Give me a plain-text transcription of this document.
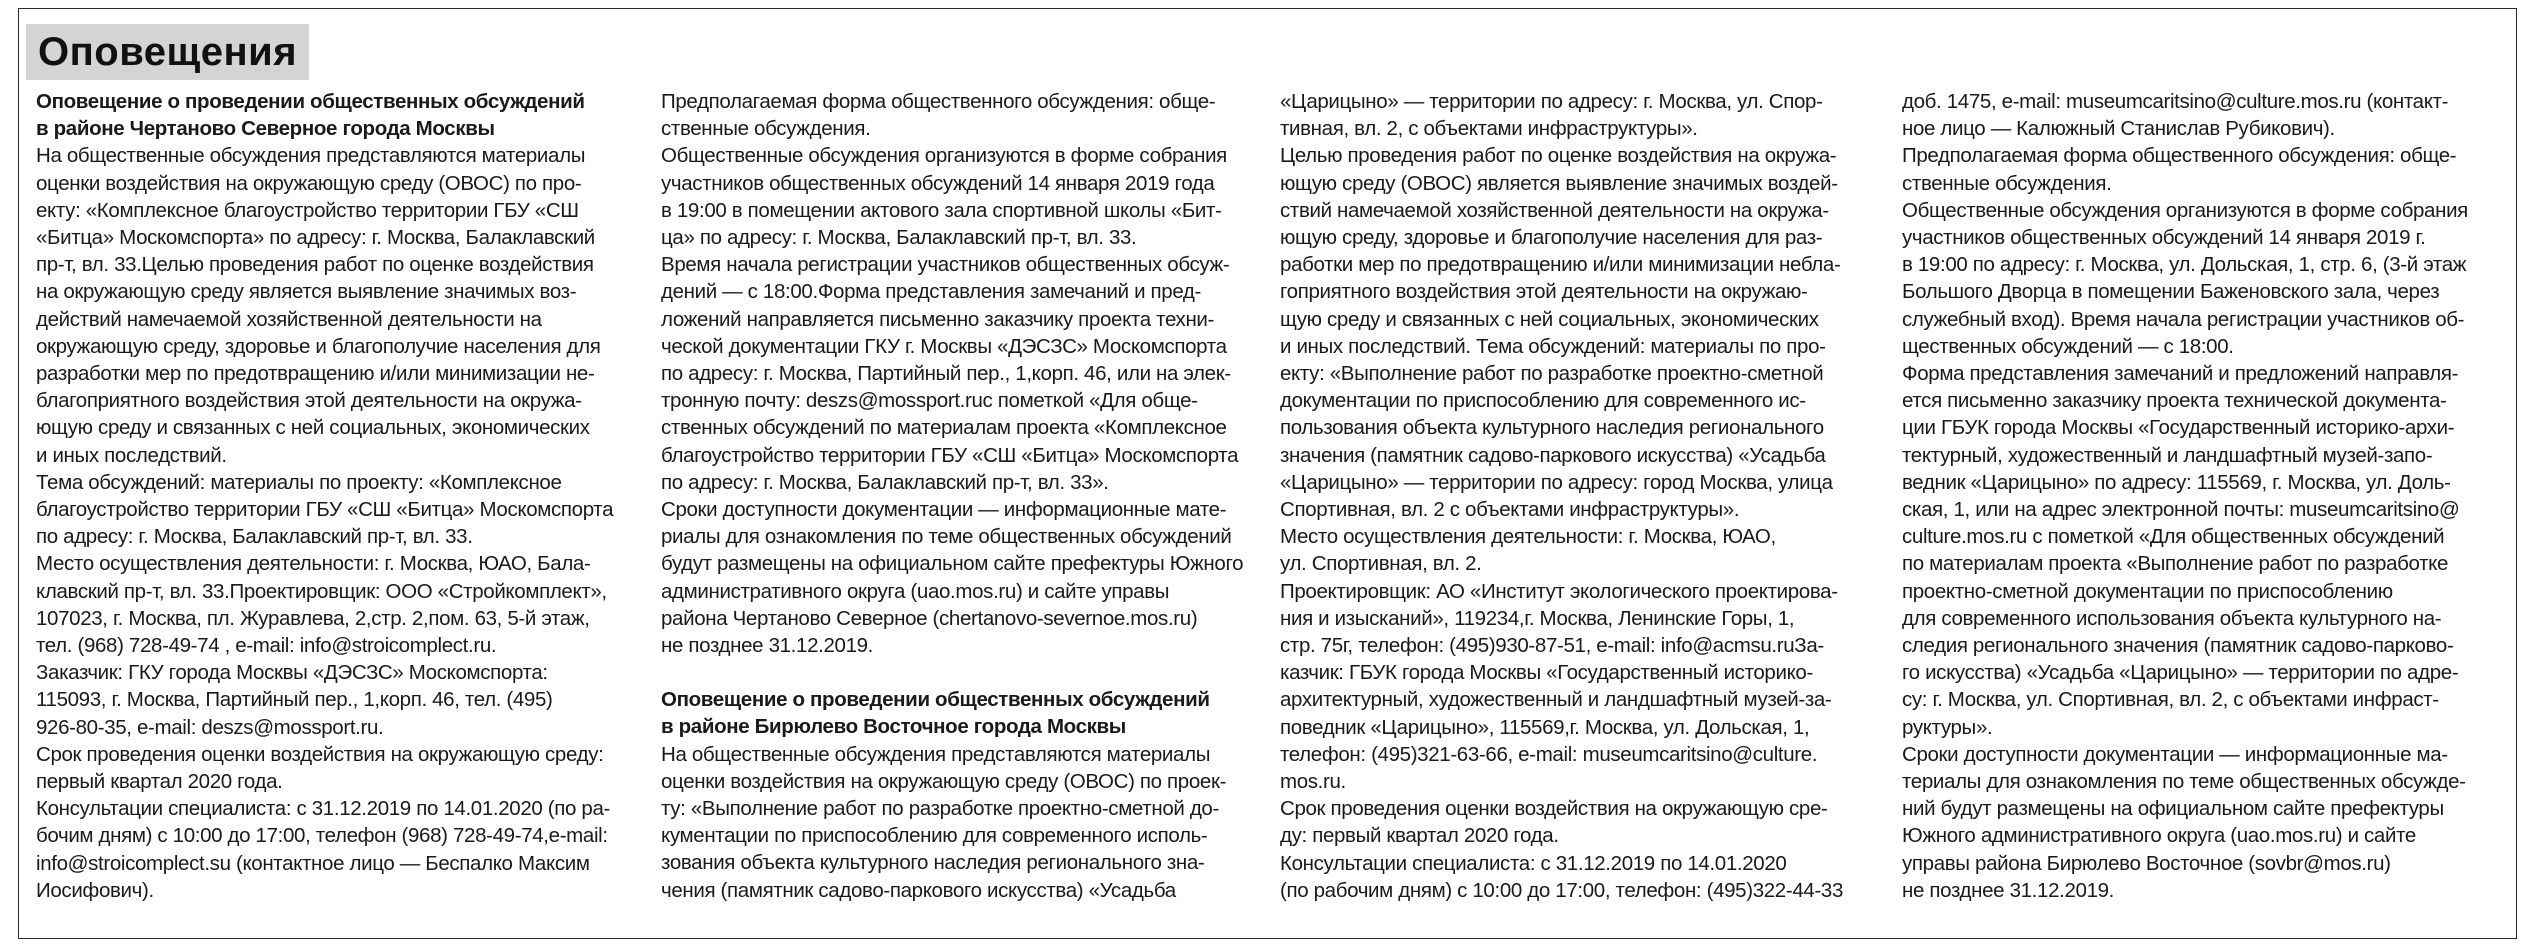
Оповещения
Оповещение о проведении общественных обсуждений
в районе Чертаново Северное города Москвы

На общественные обсуждения представляются материалы
оценки воздействия на окружающую среду (ОВОС) по про-
екту: «Комплексное благоустройство территории ГБУ «СШ
«Битца» Москомспорта» по адресу: г. Москва, Балаклавский
пр-т, вл. 33.Целью проведения работ по оценке воздействия
на окружающую среду является выявление значимых воз-
действий намечаемой хозяйственной деятельности на
окружающую среду, здоровье и благополучие населения для
разработки мер по предотвращению и/или минимизации не-
благоприятного воздействия этой деятельности на окружа-
ющую среду и связанных с ней социальных, экономических
и иных последствий.

Тема обсуждений: материалы по проекту: «Комплексное
благоустройство территории ГБУ «СШ «Битца» Москомспорта
по адресу: г. Москва, Балаклавский пр-т, вл. 33.

Место осуществления деятельности: г. Москва, ЮАО, Бала-
клавский пр-т, вл. 33.Проектировщик: ООО «Стройкомплект»,
107023, г. Москва, пл. Журавлева, 2,стр. 2,пом. 63, 5-й этаж,
тел. (968) 728-49-74 , e-mail: info@stroicomplect.ru.

Заказчик: ГКУ города Москвы «ДЭСЗС» Москомспорта:
115093, г. Москва, Партийный пер., 1,корп. 46, тел. (495)
926-80-35, e-mail: deszs@mossport.ru.

Срок проведения оценки воздействия на окружающую среду:
первый квартал 2020 года.

Консультации специалиста: с 31.12.2019 по 14.01.2020 (по ра-
бочим дням) с 10:00 до 17:00, телефон (968) 728-49-74,e-mail:
info@stroicomplect.su (контактное лицо — Беспалко Максим
Иосифович).

Предполагаемая форма общественного обсуждения: обще-
ственные обсуждения.

Общественные обсуждения организуются в форме собрания
участников общественных обсуждений 14 января 2019 года
в 19:00 в помещении актового зала спортивной школы «Бит-
ца» по адресу: г. Москва, Балаклавский пр-т, вл. 33.

Время начала регистрации участников общественных обсуж-
дений — с 18:00.Форма представления замечаний и пред-
ложений направляется письменно заказчику проекта техни-
ческой документации ГКУ г. Москвы «ДЭСЗС» Москомспорта
по адресу: г. Москва, Партийный пер., 1,корп. 46, или на элек-
тронную почту: deszs@mossport.ruc пометкой «Для обще-
ственных обсуждений по материалам проекта «Комплексное
благоустройство территории ГБУ «СШ «Битца» Москомспорта
по адресу: г. Москва, Балаклавский пр-т, вл. 33».

Сроки доступности документации — информационные мате-
риалы для ознакомления по теме общественных обсуждений
будут размещены на официальном сайте префектуры Южного
административного округа (uao.mos.ru) и сайте управы
района Чертаново Северное (chertanovo-severnoe.mos.ru)
не позднее 31.12.2019.

Оповещение о проведении общественных обсуждений
в районе Бирюлево Восточное города Москвы

На общественные обсуждения представляются материалы
оценки воздействия на окружающую среду (ОВОС) по проек-
ту: «Выполнение работ по разработке проектно-сметной до-
кументации по приспособлению для современного исполь-
зования объекта культурного наследия регионального зна-
чения (памятник садово-паркового искусства) «Усадьба

«Царицыно» — территории по адресу: г. Москва, ул. Спор-
тивная, вл. 2, с объектами инфраструктуры».

Целью проведения работ по оценке воздействия на окружа-
ющую среду (ОВОС) является выявление значимых воздей-
ствий намечаемой хозяйственной деятельности на окружа-
ющую среду, здоровье и благополучие населения для раз-
работки мер по предотвращению и/или минимизации небла-
гоприятного воздействия этой деятельности на окружаю-
щую среду и связанных с ней социальных, экономических
и иных последствий. Тема обсуждений: материалы по про-
екту: «Выполнение работ по разработке проектно-сметной
документации по приспособлению для современного ис-
пользования объекта культурного наследия регионального
значения (памятник садово-паркового искусства) «Усадьба
«Царицыно» — территории по адресу: город Москва, улица
Спортивная, вл. 2 с объектами инфраструктуры».

Место осуществления деятельности: г. Москва, ЮАО,
ул. Спортивная, вл. 2.

Проектировщик: АО «Институт экологического проектирова-
ния и изысканий», 119234,г. Москва, Ленинские Горы, 1,
стр. 75г, телефон: (495)930-87-51, e-mail: info@acmsu.ruЗа-
казчик: ГБУК города Москвы «Государственный историко-
архитектурный, художественный и ландшафтный музей-за-
поведник «Царицыно», 115569,г. Москва, ул. Дольская, 1,
телефон: (495)321-63-66, e-mail: museumcaritsino@culture.
mos.ru.

Срок проведения оценки воздействия на окружающую сре-
ду: первый квартал 2020 года.

Консультации специалиста: с 31.12.2019 по 14.01.2020
(по рабочим дням) с 10:00 до 17:00, телефон: (495)322-44-33

доб. 1475, e-mail: museumcaritsino@culture.mos.ru (контакт-
ное лицо — Калюжный Станислав Рубикович).

Предполагаемая форма общественного обсуждения: обще-
ственные обсуждения.

Общественные обсуждения организуются в форме собрания
участников общественных обсуждений 14 января 2019 г.
в 19:00 по адресу: г. Москва, ул. Дольская, 1, стр. 6, (3-й этаж
Большого Дворца в помещении Баженовского зала, через
служебный вход). Время начала регистрации участников об-
щественных обсуждений — с 18:00.

Форма представления замечаний и предложений направля-
ется письменно заказчику проекта технической документа-
ции ГБУК города Москвы «Государственный историко-архи-
тектурный, художественный и ландшафтный музей-запо-
ведник «Царицыно» по адресу: 115569, г. Москва, ул. Доль-
ская, 1, или на адрес электронной почты: museumcaritsino@
culture.mos.ru с пометкой «Для общественных обсуждений
по материалам проекта «Выполнение работ по разработке
проектно-сметной документации по приспособлению
для современного использования объекта культурного на-
следия регионального значения (памятник садово-парково-
го искусства) «Усадьба «Царицыно» — территории по адре-
су: г. Москва, ул. Спортивная, вл. 2, с объектами инфраст-
руктуры».

Сроки доступности документации — информационные ма-
териалы для ознакомления по теме общественных обсужде-
ний будут размещены на официальном сайте префектуры
Южного административного округа (uao.mos.ru) и сайте
управы района Бирюлево Восточное (sovbr@mos.ru)
не позднее 31.12.2019.
